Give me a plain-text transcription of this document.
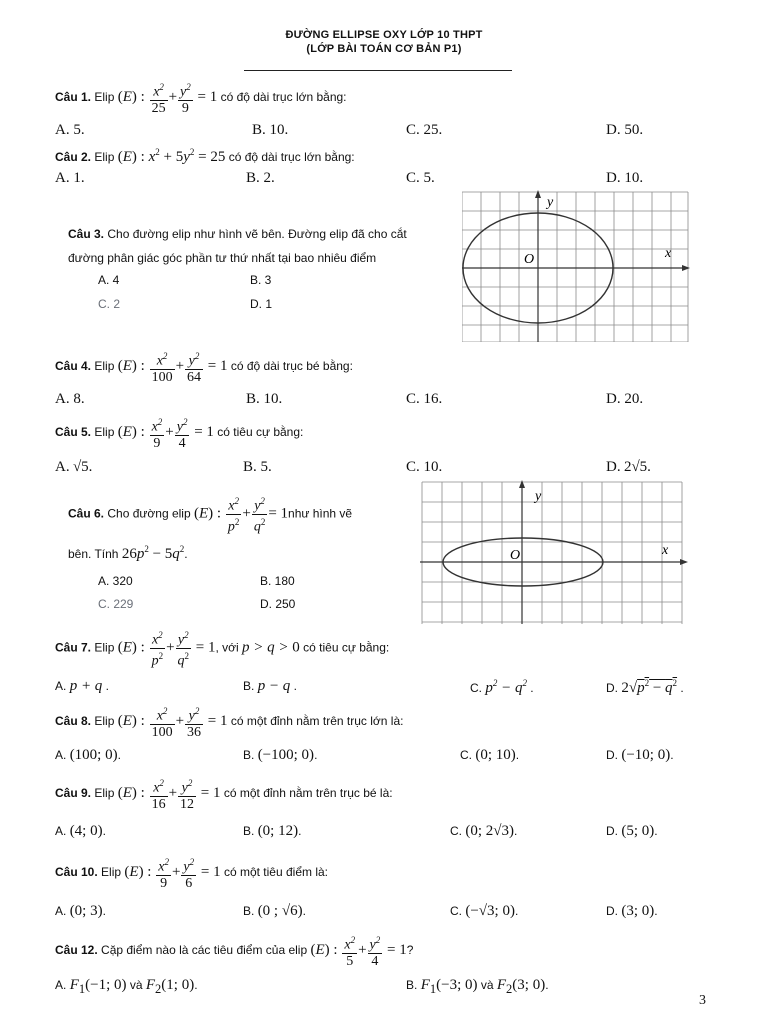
ĐƯỜNG ELLIPSE OXY LỚP 10 THPT
(LỚP BÀI TOÁN CƠ BẢN P1)
Câu 1. Elip (E) : $\frac{x^2}{25} + \frac{y^2}{9} = 1$ có độ dài trục lớn bằng:
A. 5.	B. 10.	C. 25.	D. 50.
Câu 2. Elip (E) : $x^2 + 5y^2 = 25$ có độ dài trục lớn bằng:
A. 1.	B. 2.	C. 5.	D. 10.
Câu 3. Cho đường elip như hình vẽ bên. Đường elip đã cho cắt
đường phân giác góc phần tư thứ nhất tại bao nhiêu điểm
A. 4	B. 3
C. 2	D. 1
y
x
O
Câu 4. Elip (E) : $\frac{x^2}{100} + \frac{y^2}{64} = 1$ có độ dài trục bé bằng:
A. 8.	B. 10.	C. 16.	D. 20.
Câu 5. Elip (E) : $\frac{x^2}{9} + \frac{y^2}{4} = 1$ có tiêu cự bằng:
A. √5.	B. 5.	C. 10.	D. 2√5.
Câu 6. Cho đường elip (E) : $\frac{x^2}{p^2} + \frac{y^2}{q^2}$ = 1như hình vẽ
bên. Tính $26p^2 - 5q^2$.
A. 320	B. 180
C. 229	D. 250
y
x
O
Câu 7. Elip (E) : $\frac{x^2}{p^2} + \frac{y^2}{q^2} = 1$, với p > q > 0 có tiêu cự bằng:
A. p + q .	B. p − q .	C. $p^2 - q^2$ .	D. $2√p^2 - q^2$ .
Câu 8. Elip (E) : $\frac{x^2}{100} + \frac{y^2}{36} = 1$ có một đỉnh nằm trên trục lớn là:
A. (100; 0).	B. (−100; 0).	C. (0; 10).	D. (−10; 0).
Câu 9. Elip (E) : $\frac{x^2}{16} + \frac{y^2}{12} = 1$ có một đỉnh nằm trên trục bé là:
A. (4; 0).	B. (0; 12).	C. (0; 2√3).	D. (5; 0).
Câu 10. Elip (E) : $\frac{x^2}{9} + \frac{y^2}{6} = 1$ có một tiêu điểm là:
A. (0; 3).	B. (0 ; √6).	C. (−√3; 0).	D. (3; 0).
Câu 12. Cặp điểm nào là các tiêu điểm của elip (E) : $\frac{x^2}{5} + \frac{y^2}{4} = 1$?
A. $F_1(-1$; 0) và $F_2(1$; 0).	B. $F_1(-3$; 0) và $F_2(3$; 0).
3
